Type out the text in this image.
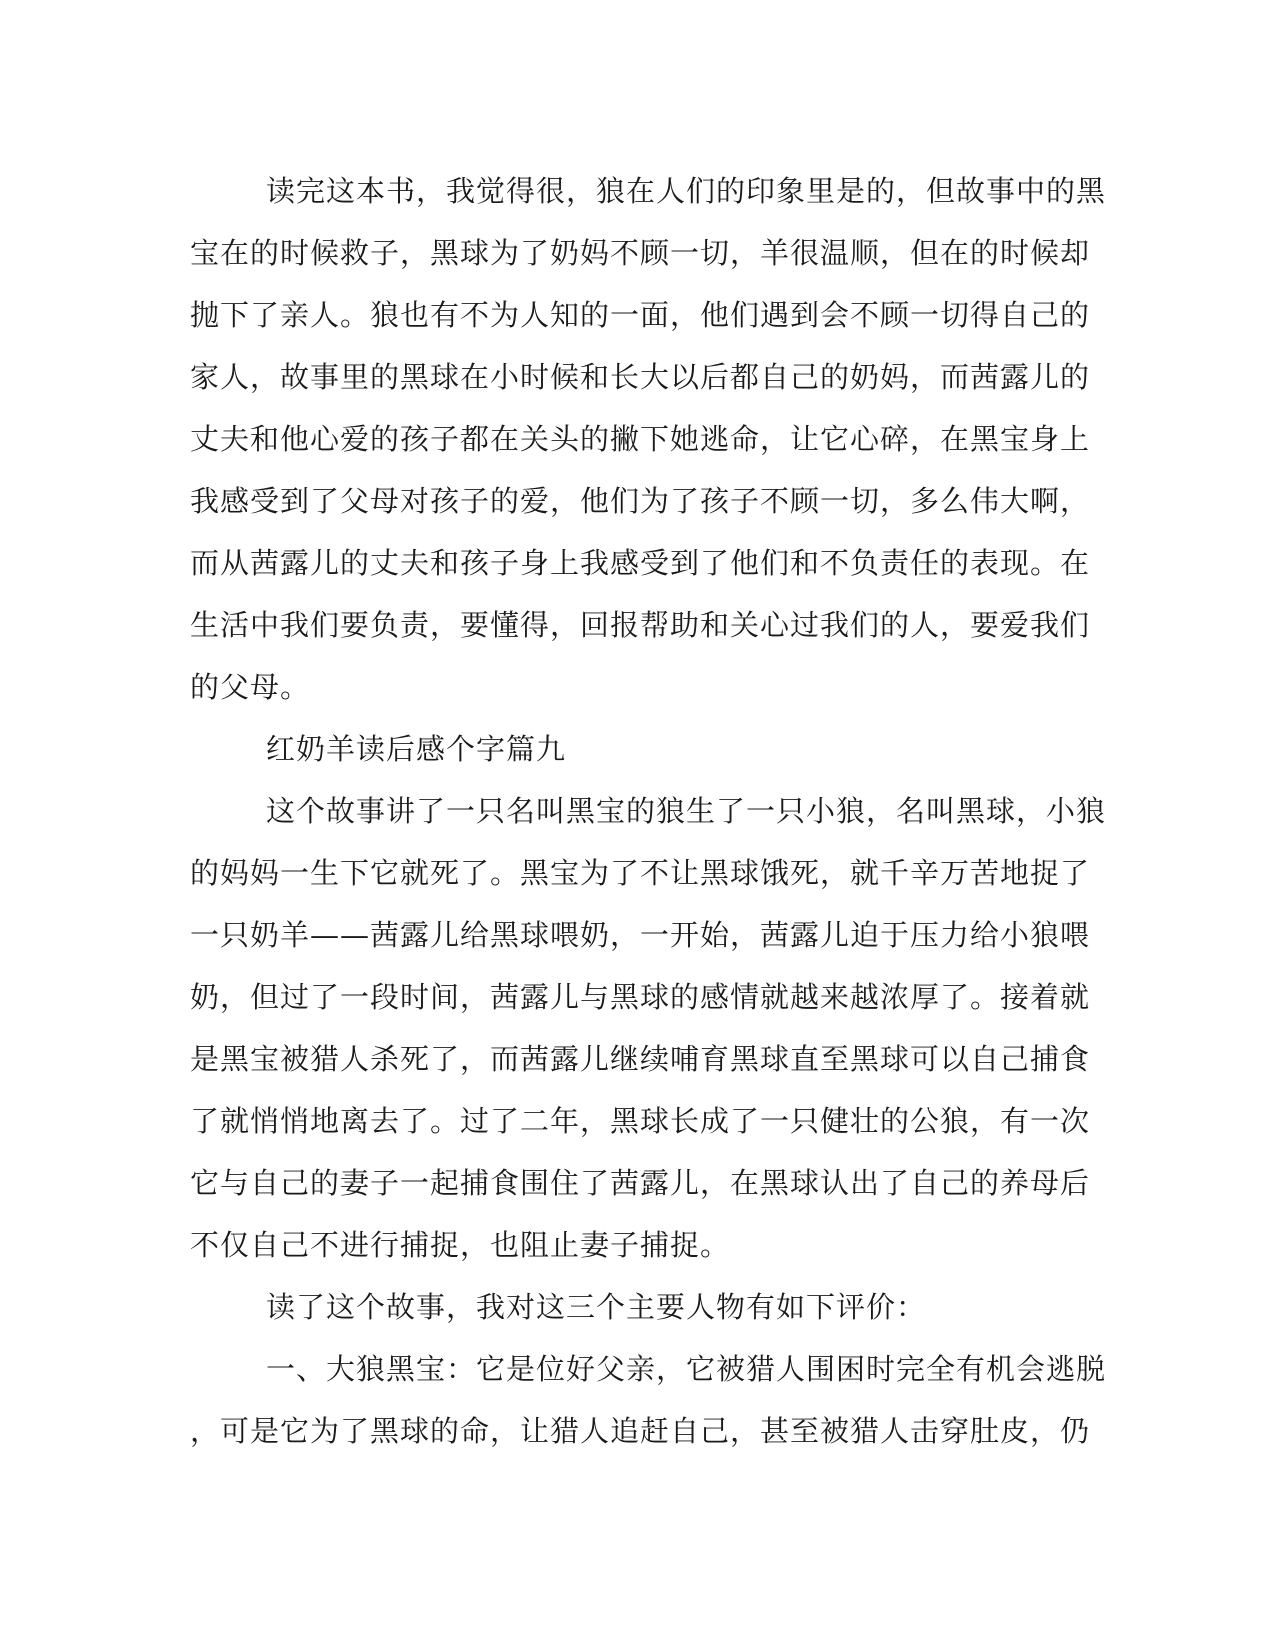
读完这本书，我觉得很，狼在人们的印象里是的，但故事中的黑
宝在的时候救子，黑球为了奶妈不顾一切，羊很温顺，但在的时候却
抛下了亲人。狼也有不为人知的一面，他们遇到会不顾一切得自己的
家人，故事里的黑球在小时候和长大以后都自己的奶妈，而茜露儿的
丈夫和他心爱的孩子都在关头的撇下她逃命，让它心碎，在黑宝身上
我感受到了父母对孩子的爱，他们为了孩子不顾一切，多么伟大啊，
而从茜露儿的丈夫和孩子身上我感受到了他们和不负责任的表现。在
生活中我们要负责，要懂得，回报帮助和关心过我们的人，要爱我们
的父母。
红奶羊读后感个字篇九
这个故事讲了一只名叫黑宝的狼生了一只小狼，名叫黑球，小狼
的妈妈一生下它就死了。黑宝为了不让黑球饿死，就千辛万苦地捉了
一只奶羊——茜露儿给黑球喂奶，一开始，茜露儿迫于压力给小狼喂
奶，但过了一段时间，茜露儿与黑球的感情就越来越浓厚了。接着就
是黑宝被猎人杀死了，而茜露儿继续哺育黑球直至黑球可以自己捕食
了就悄悄地离去了。过了二年，黑球长成了一只健壮的公狼，有一次
它与自己的妻子一起捕食围住了茜露儿，在黑球认出了自己的养母后
不仅自己不进行捕捉，也阻止妻子捕捉。
读了这个故事，我对这三个主要人物有如下评价：
一、大狼黑宝：它是位好父亲，它被猎人围困时完全有机会逃脱
，可是它为了黑球的命，让猎人追赶自己，甚至被猎人击穿肚皮，仍
